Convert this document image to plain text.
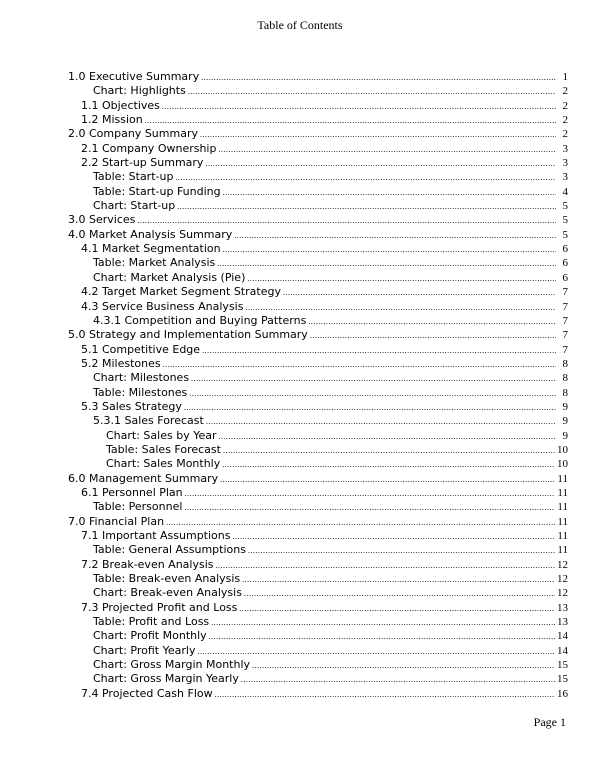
Table of Contents
1.0 Executive Summary .....	1
Chart: Highlights .....	2
1.1 Objectives .....	2
1.2 Mission .....	2
2.0 Company Summary .....	2
2.1 Company Ownership .....	3
2.2 Start-up Summary .....	3
Table: Start-up .....	3
Table: Start-up Funding .....	4
Chart: Start-up .....	5
3.0 Services .....	5
4.0 Market Analysis Summary .....	5
4.1 Market Segmentation .....	6
Table: Market Analysis .....	6
Chart: Market Analysis (Pie) .....	6
4.2 Target Market Segment Strategy .....	7
4.3 Service Business Analysis .....	7
4.3.1 Competition and Buying Patterns .....	7
5.0 Strategy and Implementation Summary .....	7
5.1 Competitive Edge .....	7
5.2 Milestones .....	8
Chart: Milestones .....	8
Table: Milestones .....	8
5.3 Sales Strategy .....	9
5.3.1 Sales Forecast .....	9
Chart: Sales by Year .....	9
Table: Sales Forecast .....	10
Chart: Sales Monthly .....	10
6.0 Management Summary .....	11
6.1 Personnel Plan .....	11
Table: Personnel .....	11
7.0 Financial Plan .....	11
7.1 Important Assumptions .....	11
Table: General Assumptions .....	11
7.2 Break-even Analysis .....	12
Table: Break-even Analysis .....	12
Chart: Break-even Analysis .....	12
7.3 Projected Profit and Loss .....	13
Table: Profit and Loss .....	13
Chart: Profit Monthly .....	14
Chart: Profit Yearly .....	14
Chart: Gross Margin Monthly .....	15
Chart: Gross Margin Yearly .....	15
7.4 Projected Cash Flow .....	16
Page 1
